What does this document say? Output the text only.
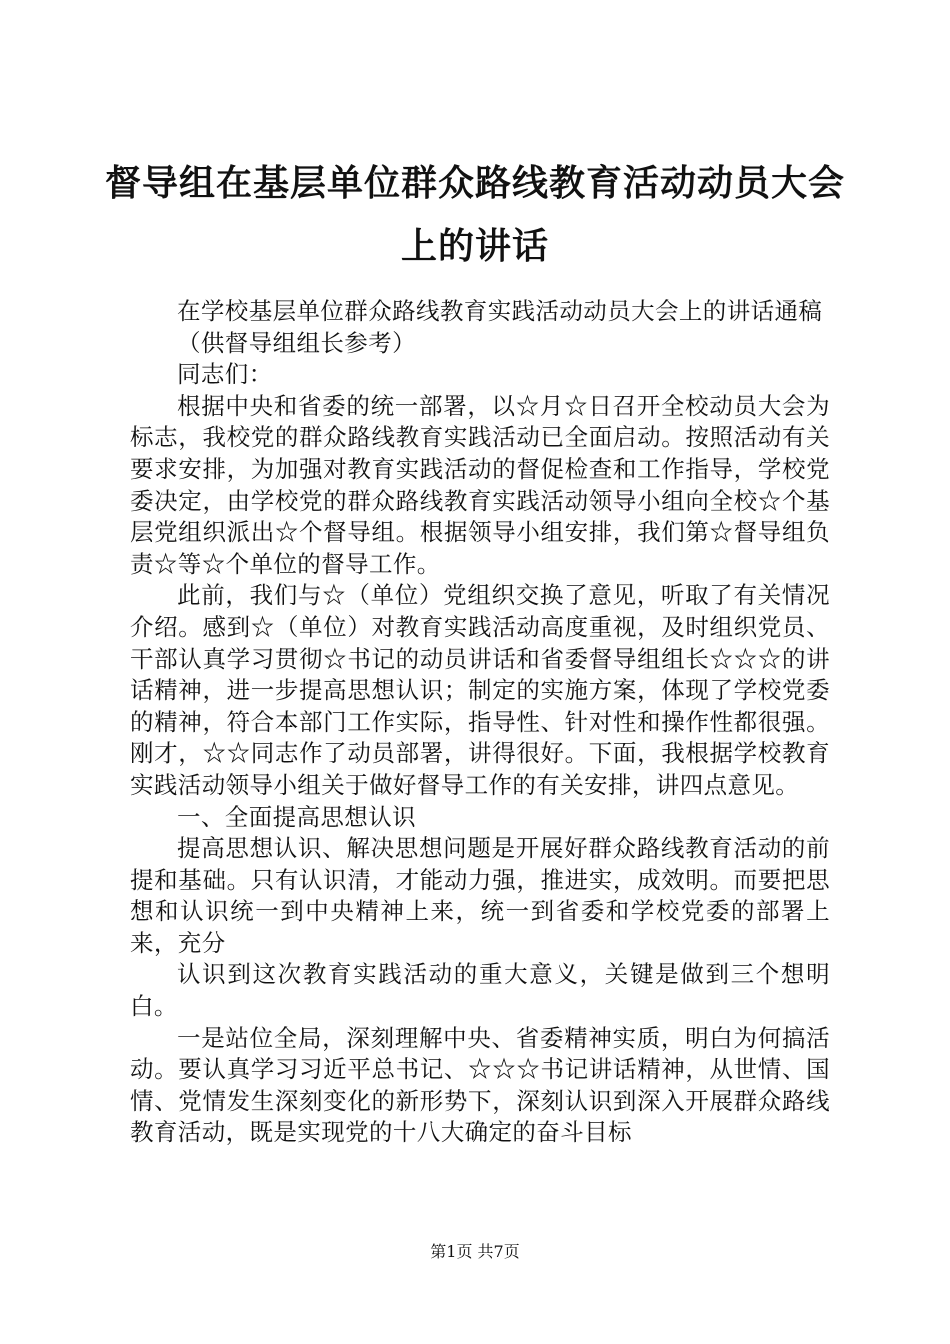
督导组在基层单位群众路线教育活动动员大会
上的讲话

在学校基层单位群众路线教育实践活动动员大会上的讲话通稿

（供督导组组长参考）

同志们：

根据中央和省委的统一部署，以☆月☆日召开全校动员大会为标志，我校党的群众路线教育实践活动已全面启动。按照活动有关要求安排，为加强对教育实践活动的督促检查和工作指导，学校党委决定，由学校党的群众路线教育实践活动领导小组向全校☆个基层党组织派出☆个督导组。根据领导小组安排，我们第☆督导组负责☆等☆个单位的督导工作。

此前，我们与☆（单位）党组织交换了意见，听取了有关情况介绍。感到☆（单位）对教育实践活动高度重视，及时组织党员、干部认真学习贯彻☆书记的动员讲话和省委督导组组长☆☆☆的讲话精神，进一步提高思想认识；制定的实施方案，体现了学校党委的精神，符合本部门工作实际，指导性、针对性和操作性都很强。刚才，☆☆同志作了动员部署，讲得很好。下面，我根据学校教育实践活动领导小组关于做好督导工作的有关安排，讲四点意见。

一、全面提高思想认识

提高思想认识、解决思想问题是开展好群众路线教育活动的前提和基础。只有认识清，才能动力强，推进实，成效明。而要把思想和认识统一到中央精神上来，统一到省委和学校党委的部署上来，充分

认识到这次教育实践活动的重大意义，关键是做到三个想明白。

一是站位全局，深刻理解中央、省委精神实质，明白为何搞活动。要认真学习习近平总书记、☆☆☆书记讲话精神，从世情、国情、党情发生深刻变化的新形势下，深刻认识到深入开展群众路线教育活动，既是实现党的十八大确定的奋斗目标

第1页 共7页
